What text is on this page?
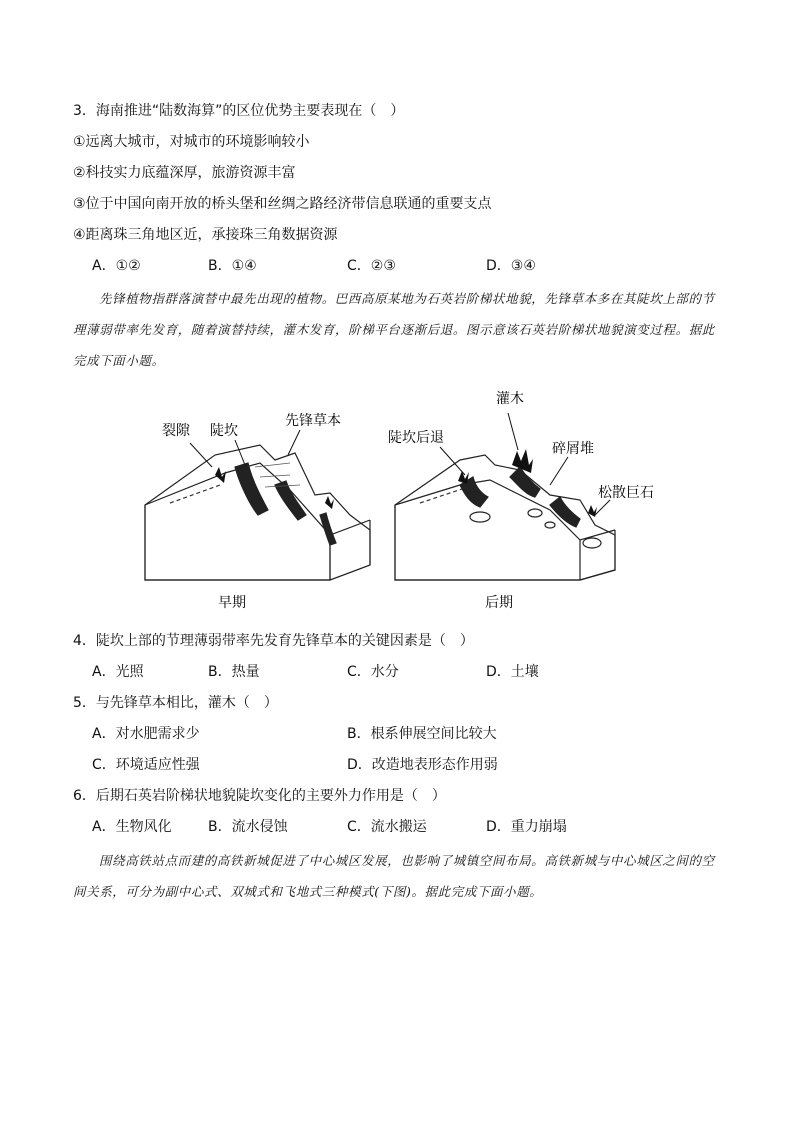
3．海南推进“陆数海算”的区位优势主要表现在（　）
①远离大城市，对城市的环境影响较小
②科技实力底蕴深厚，旅游资源丰富
③位于中国向南开放的桥头堡和丝绸之路经济带信息联通的重要支点
④距离珠三角地区近，承接珠三角数据资源
A．①②	B．①④	C．②③	D．③④
先锋植物指群落演替中最先出现的植物。巴西高原某地为石英岩阶梯状地貌，先锋草本多在其陡坎上部的节理薄弱带率先发育，随着演替持续，灌木发育，阶梯平台逐渐后退。图示意该石英岩阶梯状地貌演变过程。据此完成下面小题。
裂隙 陡坎
先锋草本
早期
灌木
陡坎后退
碎屑堆
松散巨石
后期
4．陡坎上部的节理薄弱带率先发育先锋草本的关键因素是（　）
A．光照	B．热量	C．水分	D．土壤
5．与先锋草本相比，灌木（　）
A．对水肥需求少	B．根系伸展空间比较大
C．环境适应性强	D．改造地表形态作用弱
6．后期石英岩阶梯状地貌陡坎变化的主要外力作用是（　）
A．生物风化	B．流水侵蚀	C．流水搬运	D．重力崩塌
围绕高铁站点而建的高铁新城促进了中心城区发展，也影响了城镇空间布局。高铁新城与中心城区之间的空间关系，可分为副中心式、双城式和飞地式三种模式(下图)。据此完成下面小题。
